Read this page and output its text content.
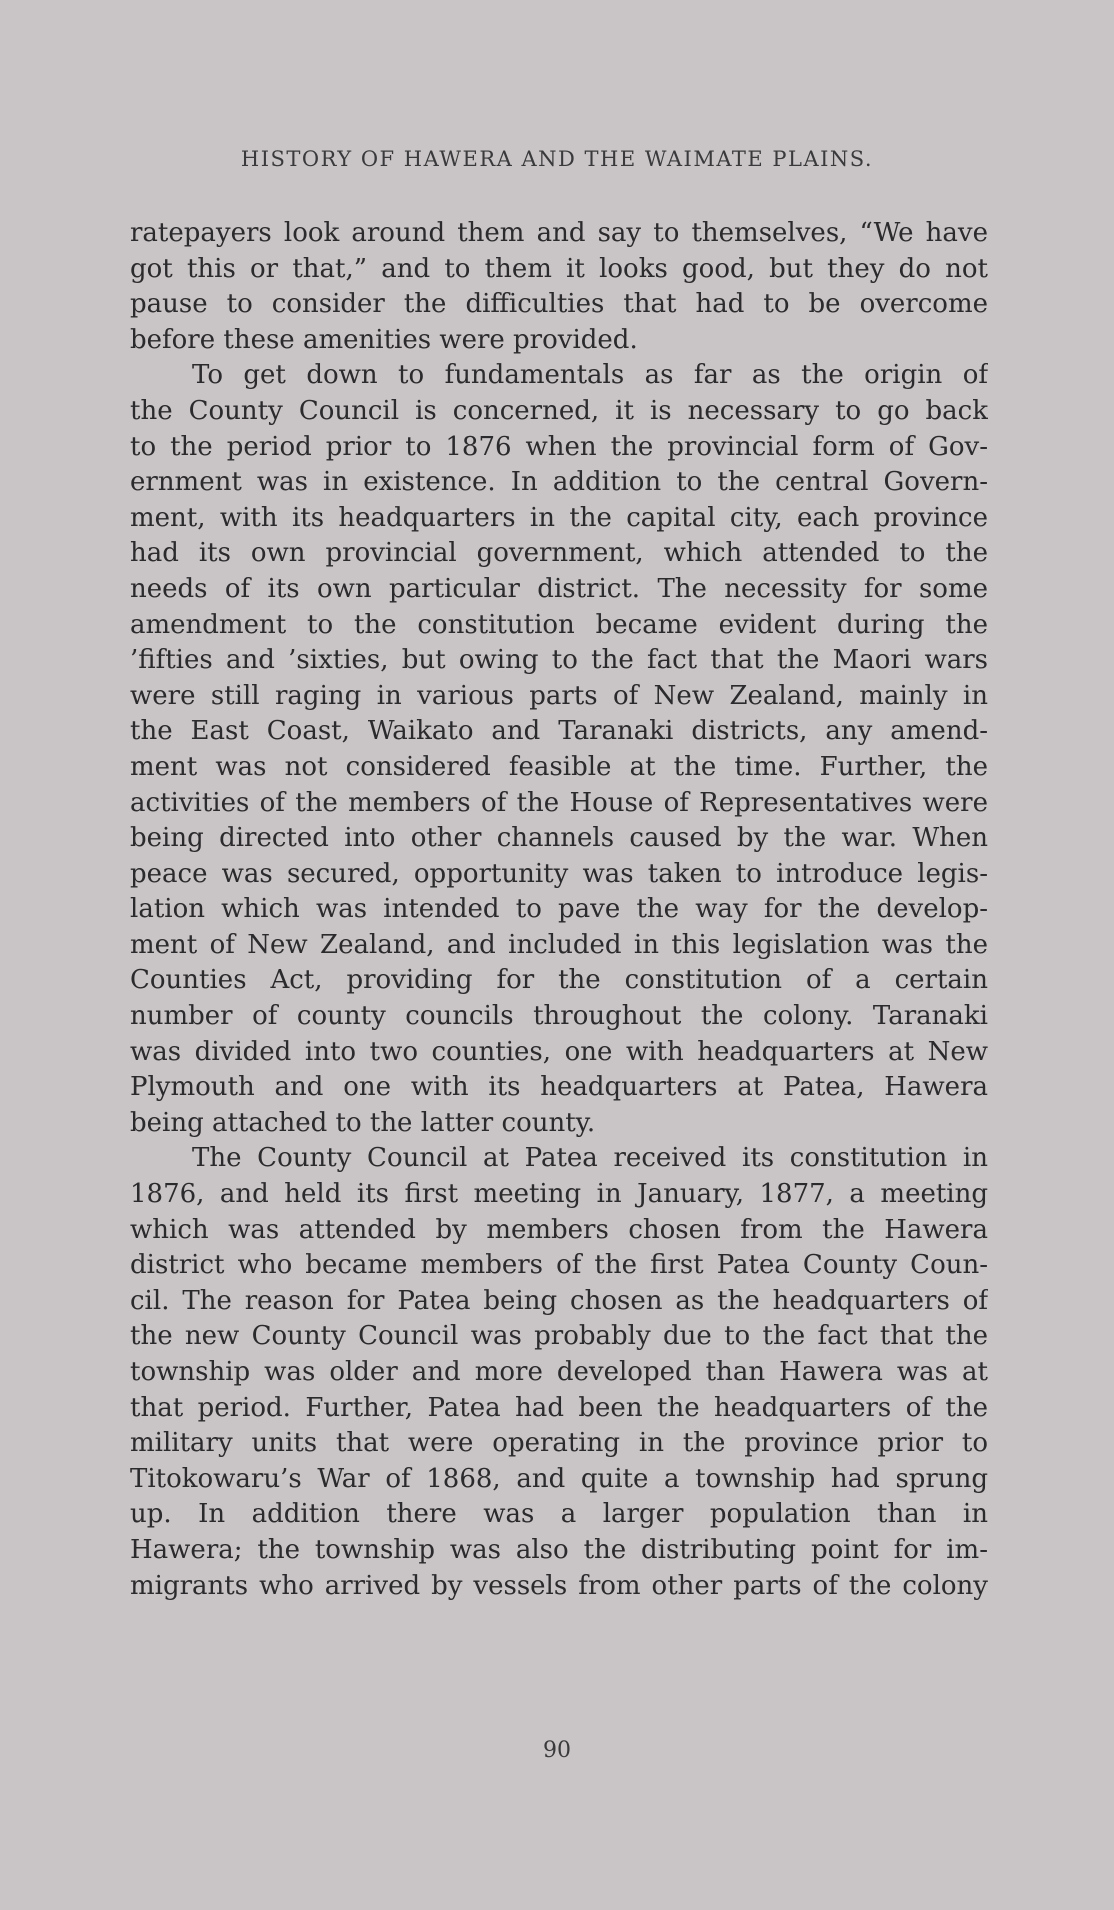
HISTORY OF HAWERA AND THE WAIMATE PLAINS.
ratepayers look around them and say to themselves, “We have
got this or that,” and to them it looks good, but they do not
pause to consider the difficulties that had to be overcome
before these amenities were provided.
To get down to fundamentals as far as the origin of
the County Council is concerned, it is necessary to go back
to the period prior to 1876 when the provincial form of Gov-
ernment was in existence. In addition to the central Govern-
ment, with its headquarters in the capital city, each province
had its own provincial government, which attended to the
needs of its own particular district. The necessity for some
amendment to the constitution became evident during the
’fifties and ’sixties, but owing to the fact that the Maori wars
were still raging in various parts of New Zealand, mainly in
the East Coast, Waikato and Taranaki districts, any amend-
ment was not considered feasible at the time. Further, the
activities of the members of the House of Representatives were
being directed into other channels caused by the war. When
peace was secured, opportunity was taken to introduce legis-
lation which was intended to pave the way for the develop-
ment of New Zealand, and included in this legislation was the
Counties Act, providing for the constitution of a certain
number of county councils throughout the colony. Taranaki
was divided into two counties, one with headquarters at New
Plymouth and one with its headquarters at Patea, Hawera
being attached to the latter county.
The County Council at Patea received its constitution in
1876, and held its first meeting in January, 1877, a meeting
which was attended by members chosen from the Hawera
district who became members of the first Patea County Coun-
cil. The reason for Patea being chosen as the headquarters of
the new County Council was probably due to the fact that the
township was older and more developed than Hawera was at
that period. Further, Patea had been the headquarters of the
military units that were operating in the province prior to
Titokowaru’s War of 1868, and quite a township had sprung
up. In addition there was a larger population than in
Hawera; the township was also the distributing point for im-
migrants who arrived by vessels from other parts of the colony
90
